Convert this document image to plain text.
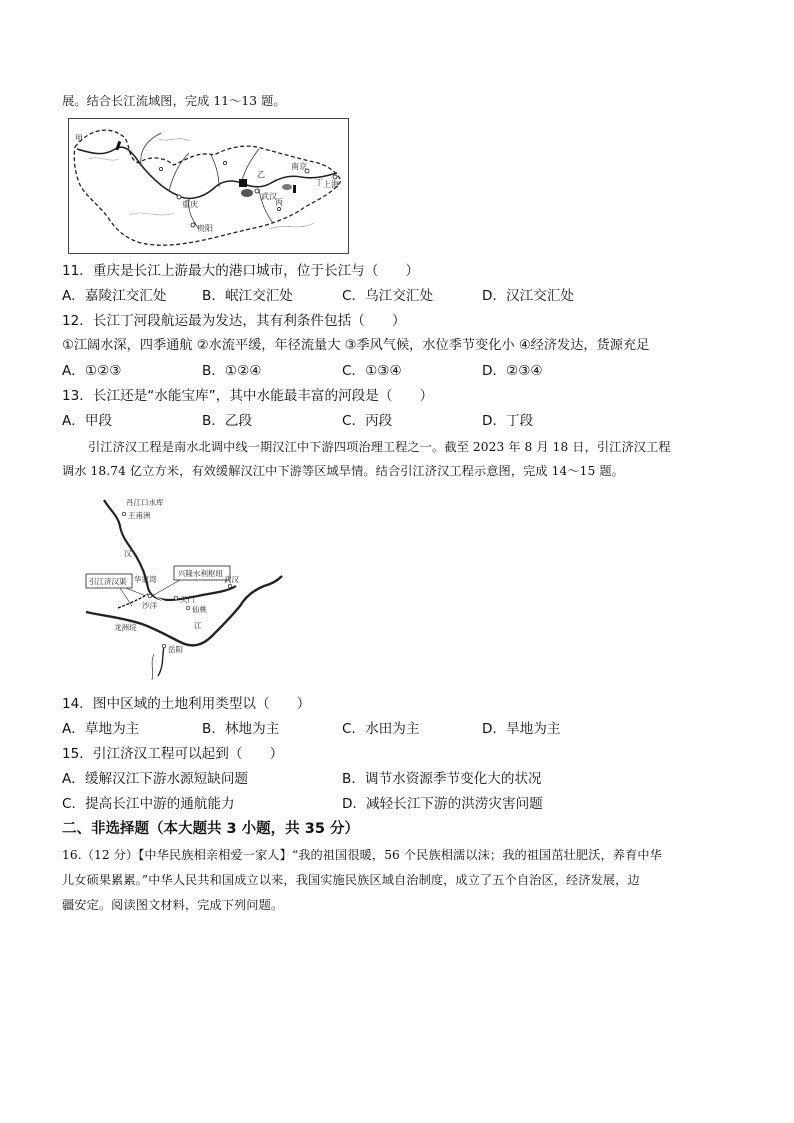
展。结合长江流域图，完成 11～13 题。
甲
乙
丙
丁
重庆
贵阳
武汉
南京
上海
11．重庆是长江上游最大的港口城市，位于长江与（　　）
A．嘉陵江交汇处	B．岷江交汇处	C．乌江交汇处	D．汉江交汇处
12．长江丁河段航运最为发达，其有利条件包括（　　）
①江阔水深，四季通航 ②水流平缓，年径流量大 ③季风气候，水位季节变化小 ④经济发达，货源充足
A．①②③	B．①②④	C．①③④	D．②③④
13．长江还是“水能宝库”，其中水能最丰富的河段是（　　）
A．甲段	B．乙段	C．丙段	D．丁段
引江济汉工程是南水北调中线一期汉江中下游四项治理工程之一。截至 2023 年 8 月 18 日，引江济汉工程
调水 18.74 亿立方米，有效缓解汉江中下游等区域旱情。结合引江济汉工程示意图，完成 14～15 题。
丹江口水库
王甫洲
引江济汉渠
兴隆水利枢纽
华家湾
沙洋
天门
武汉
仙桃
龙洲垸
岳阳
汉
江
14．图中区域的土地利用类型以（　　）
A．草地为主	B．林地为主	C．水田为主	D．旱地为主
15．引江济汉工程可以起到（　　）
A．缓解汉江下游水源短缺问题	B．调节水资源季节变化大的状况
C．提高长江中游的通航能力	D．减轻长江下游的洪涝灾害问题
二、非选择题（本大题共 3 小题，共 35 分）
16.（12 分）【中华民族相亲相爱一家人】“我的祖国很暖，56 个民族相濡以沫；我的祖国茁壮肥沃，养育中华
儿女硕果累累。”中华人民共和国成立以来，我国实施民族区域自治制度，成立了五个自治区，经济发展，边
疆安定。阅读图文材料，完成下列问题。
